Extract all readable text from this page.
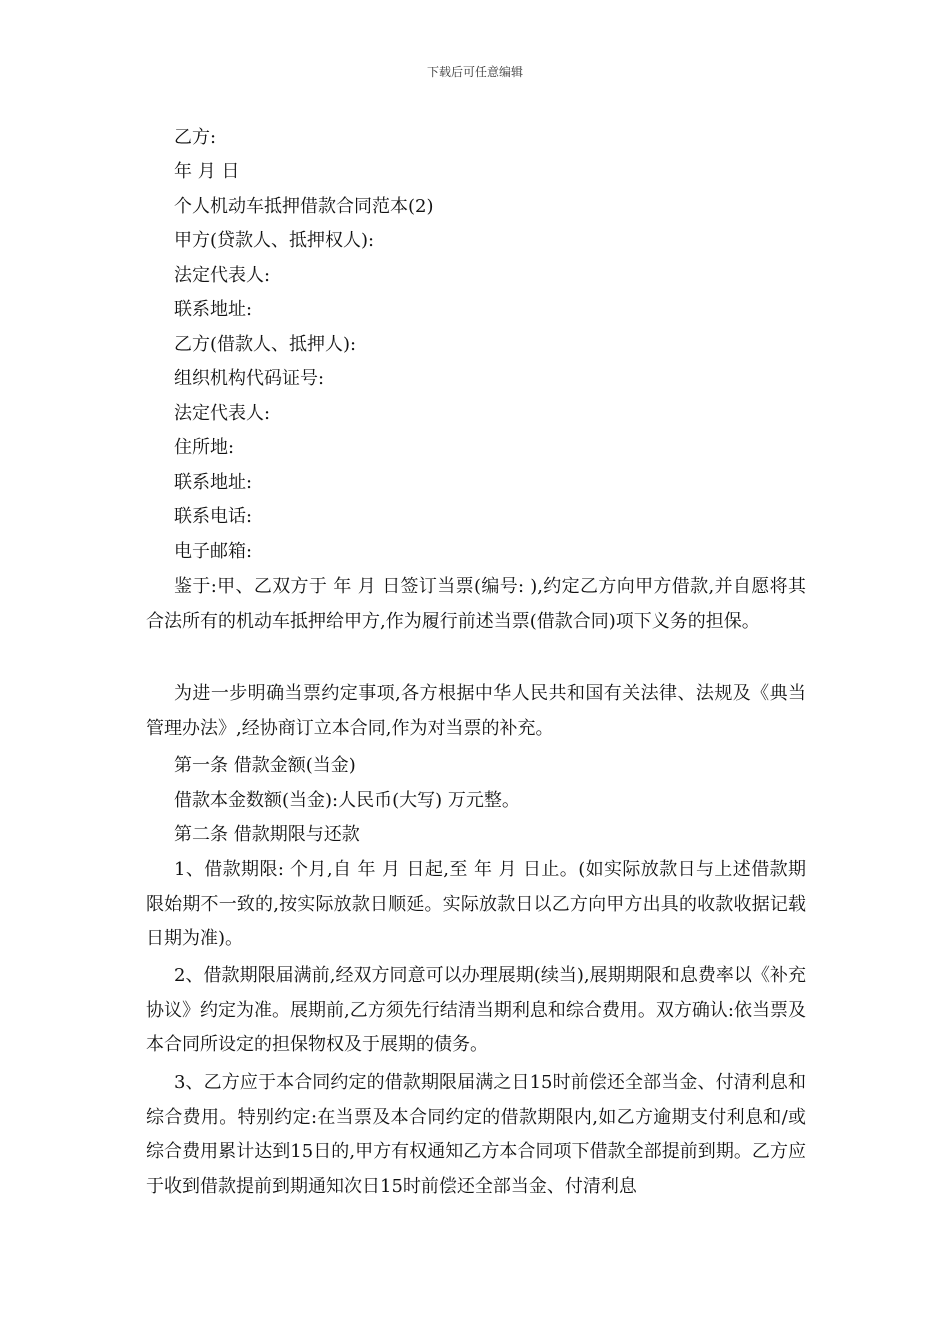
下载后可任意编辑
乙方:
年 月 日
个人机动车抵押借款合同范本(2)
甲方(贷款人、抵押权人):
法定代表人:
联系地址:
乙方(借款人、抵押人):
组织机构代码证号:
法定代表人:
住所地:
联系地址:
联系电话:
电子邮箱:

鉴于:甲、乙双方于 年 月 日签订当票(编号: ),约定乙方向甲方借款,并自愿将其合法所有的机动车抵押给甲方,作为履行前述当票(借款合同)项下义务的担保。

为进一步明确当票约定事项,各方根据中华人民共和国有关法律、法规及《典当管理办法》,经协商订立本合同,作为对当票的补充。

第一条 借款金额(当金)

借款本金数额(当金):人民币(大写) 万元整。

第二条 借款期限与还款

1、借款期限: 个月,自 年 月 日起,至 年 月 日止。(如实际放款日与上述借款期限始期不一致的,按实际放款日顺延。实际放款日以乙方向甲方出具的收款收据记载日期为准)。

2、借款期限届满前,经双方同意可以办理展期(续当),展期期限和息费率以《补充协议》约定为准。展期前,乙方须先行结清当期利息和综合费用。双方确认:依当票及本合同所设定的担保物权及于展期的债务。

3、乙方应于本合同约定的借款期限届满之日15时前偿还全部当金、付清利息和综合费用。特别约定:在当票及本合同约定的借款期限内,如乙方逾期支付利息和/或综合费用累计达到15日的,甲方有权通知乙方本合同项下借款全部提前到期。乙方应于收到借款提前到期通知次日15时前偿还全部当金、付清利息
